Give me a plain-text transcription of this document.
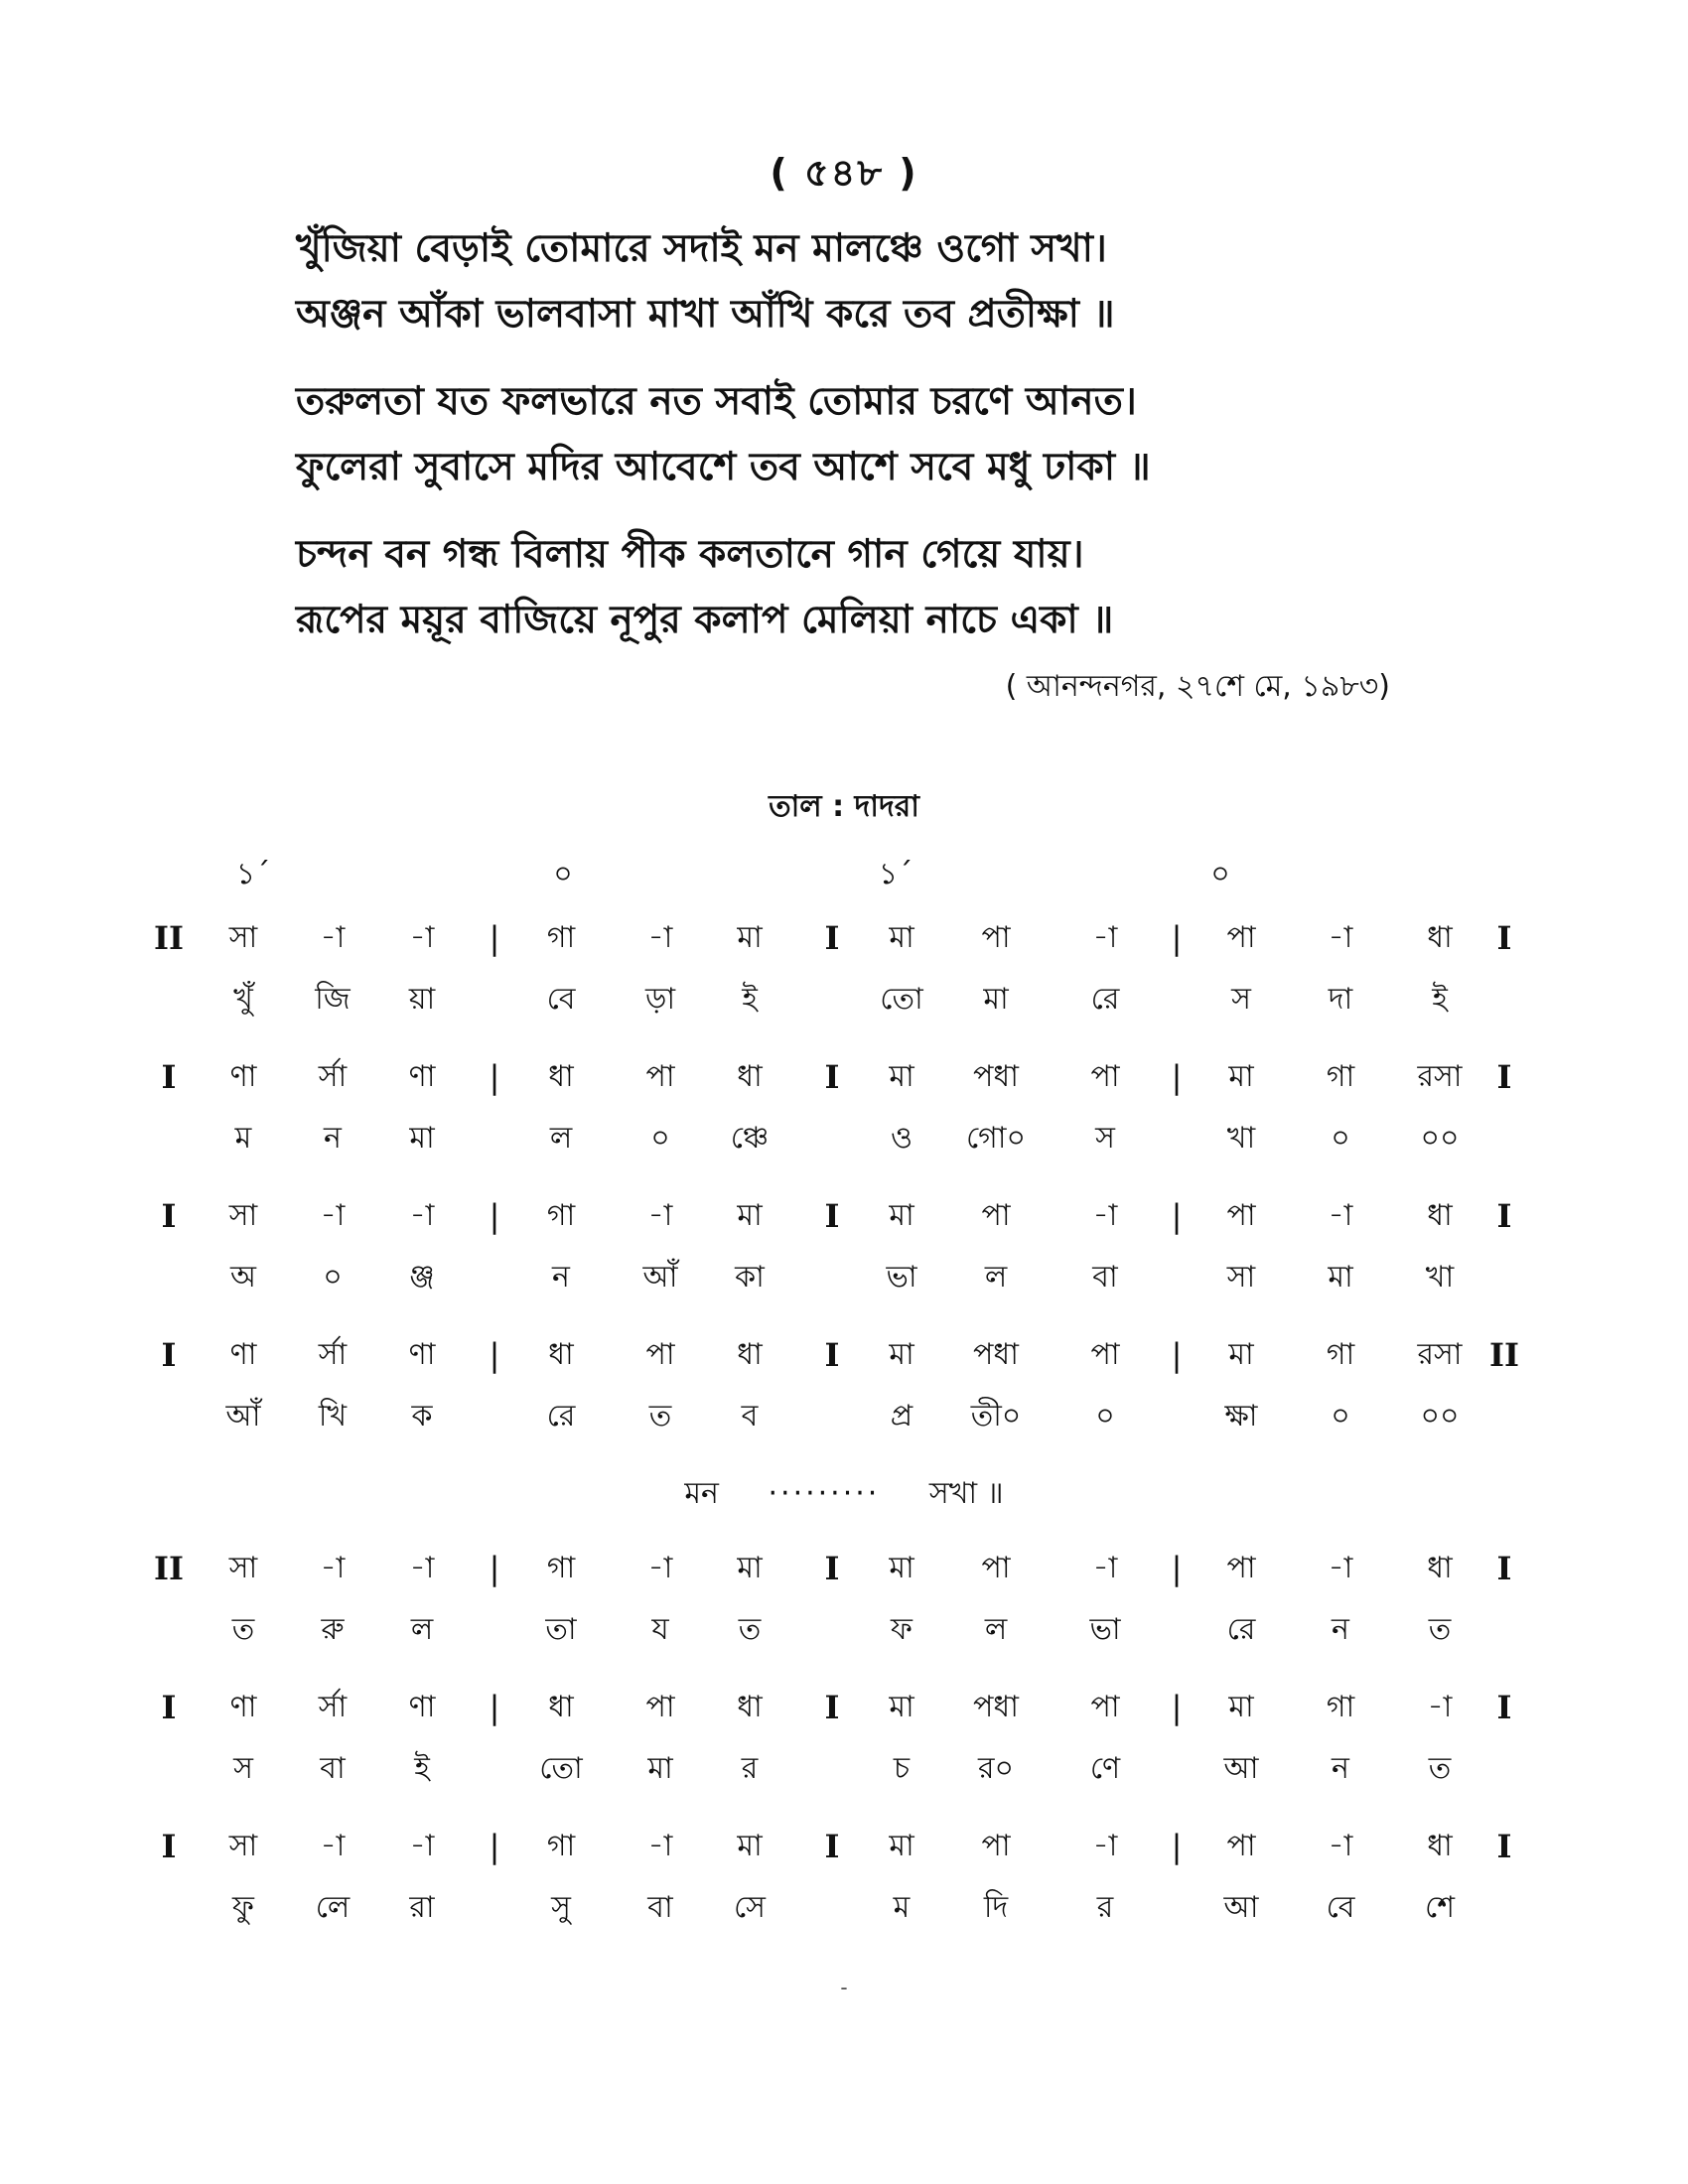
( ৫৪৮ )
খুঁজিয়া বেড়াই তোমারে সদাই মন মালঞ্চে ওগো সখা।
অঞ্জন আঁকা ভালবাসা মাখা আঁখি করে তব প্রতীক্ষা ॥
তরুলতা যত ফলভারে নত সবাই তোমার চরণে আনত।
ফুলেরা সুবাসে মদির আবেশে তব আশে সবে মধু ঢাকা ॥
চন্দন বন গন্ধ বিলায় পীক কলতানে গান গেয়ে যায়।
রূপের ময়ূর বাজিয়ে নূপুর কলাপ মেলিয়া নাচে একা ॥
( আনন্দনগর, ২৭শে মে, ১৯৮৩)
তাল : দাদরা
১´	০	১´	০
II	|	I	|	I
সা	-া	-া	গা	-া	মা	মা	পা	-া	পা	-া	ধা
খুঁ	জি	য়া	বে	ড়া	ই	তো	মা	রে	স	দা	ই
I	|	I	|	I
ণা	র্সা	ণা	ধা	পা	ধা	মা	পধা	পা	মা	গা	রসা
ম	ন	মা	ল	০	ঞ্চে	ও	গো০	স	খা	০	০০
I	|	I	|	I
সা	-া	-া	গা	-া	মা	মা	পা	-া	পা	-া	ধা
অ	০	ঞ্জ	ন	আঁ	কা	ভা	ল	বা	সা	মা	খা
I	|	I	|	II
ণা	র্সা	ণা	ধা	পা	ধা	মা	পধা	পা	মা	গা	রসা
আঁ	খি	ক	রে	ত	ব	প্র	তী০	০	ক্ষা	০	০০
II	|	I	|	I
সা	-া	-া	গা	-া	মা	মা	পা	-া	পা	-া	ধা
ত	রু	ল	তা	য	ত	ফ	ল	ভা	রে	ন	ত
I	|	I	|	I
ণা	র্সা	ণা	ধা	পা	ধা	মা	পধা	পা	মা	গা	-া
স	বা	ই	তো	মা	র	চ	র০	ণে	আ	ন	ত
I	|	I	|	I
সা	-া	-া	গা	-া	মা	মা	পা	-া	পা	-া	ধা
ফু	লে	রা	সু	বা	সে	ম	দি	র	আ	বে	শে
মন ········· সখা ॥
-
